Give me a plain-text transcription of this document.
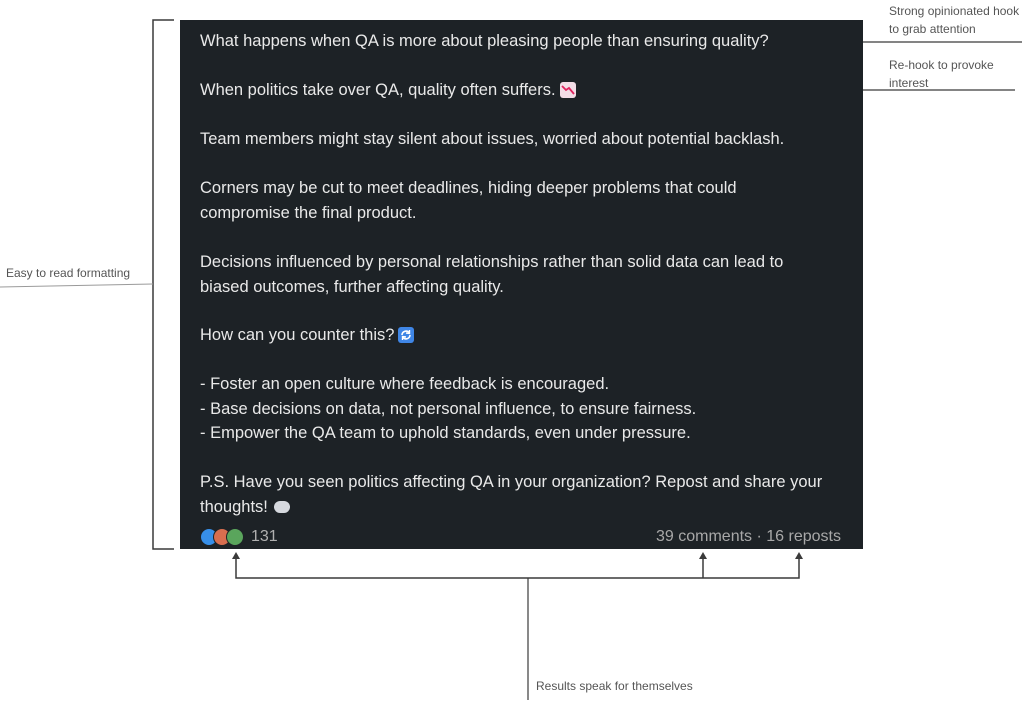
What happens when QA is more about pleasing people than ensuring quality?
When politics take over QA, quality often suffers.
Team members might stay silent about issues, worried about potential backlash.
Corners may be cut to meet deadlines, hiding deeper problems that could
compromise the final product.
Decisions influenced by personal relationships rather than solid data can lead to
biased outcomes, further affecting quality.
How can you counter this?
- Foster an open culture where feedback is encouraged.
- Base decisions on data, not personal influence, to ensure fairness.
- Empower the QA team to uphold standards, even under pressure.
P.S. Have you seen politics affecting QA in your organization? Repost and share your
thoughts!
131	39 comments · 16 reposts
Strong opinionated hook
to grab attention
Re-hook to provoke
interest
Easy to read formatting
Results speak for themselves
